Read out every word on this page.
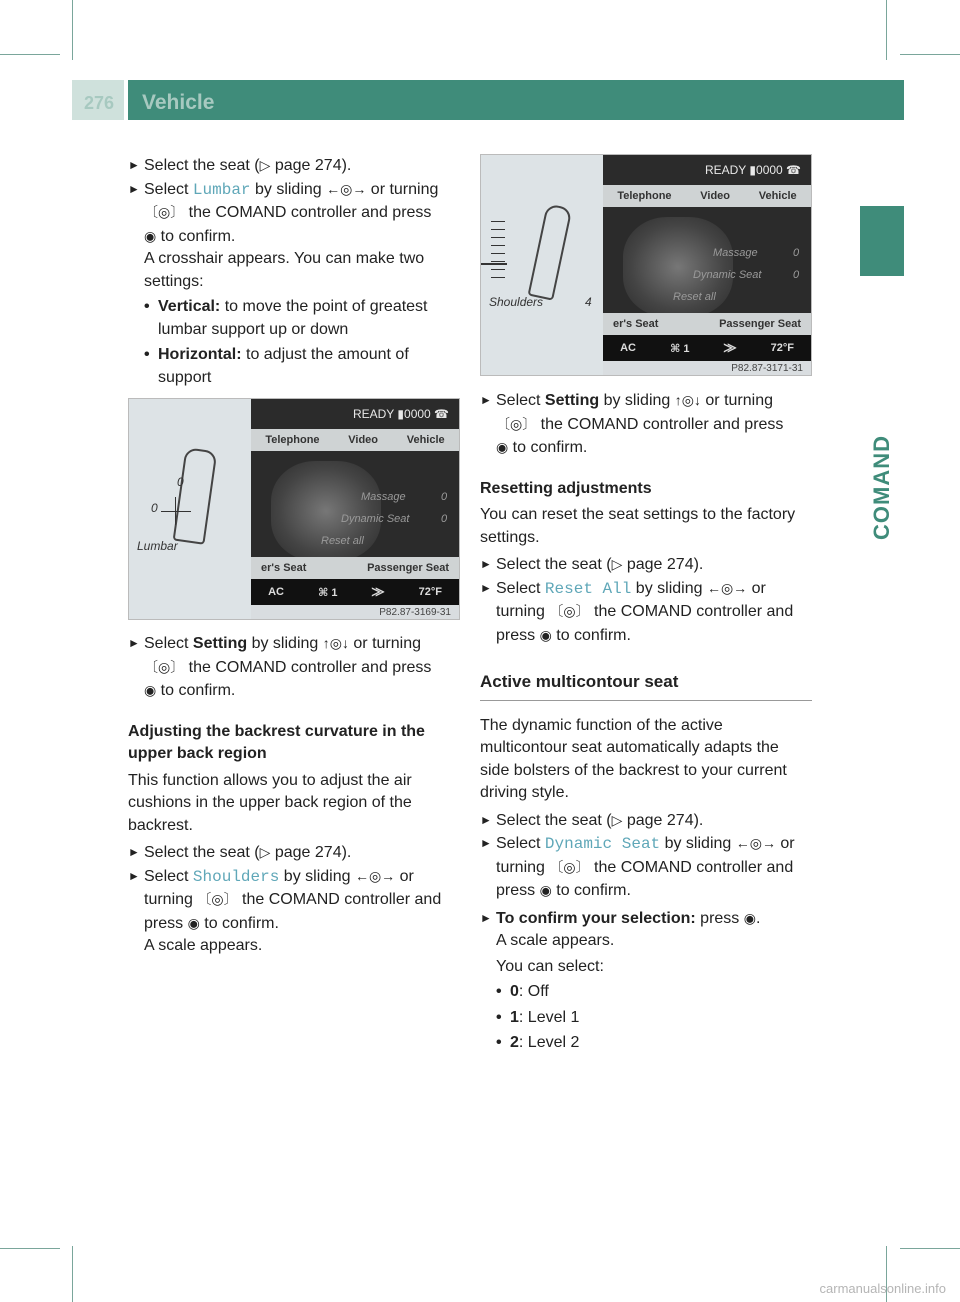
276 Vehicle
COMAND

► Select the seat (▷ page 274).

► Select Lumbar by sliding ←◎→ or turning

〔◎〕 the COMAND controller and press

◉ to confirm.

A crosshair appears. You can make two

settings:

• Vertical: to move the point of greatest

lumbar support up or down

• Horizontal: to adjust the amount of

support

0
0
Lumbar
READY ▮0000 ☎
Telephone	Video	Vehicle
Massage	0
Dynamic Seat	0
Reset all
er's Seat	Passenger Seat
AC	⌘ 1	⨠	72°F
P82.87-3169-31

► Select Setting by sliding ↑◎↓ or turning

〔◎〕 the COMAND controller and press

◉ to confirm.

Adjusting the backrest curvature in the

upper back region

This function allows you to adjust the air

cushions in the upper back region of the

backrest.

► Select the seat (▷ page 274).

► Select Shoulders by sliding ←◎→ or

turning 〔◎〕 the COMAND controller and

press ◉ to confirm.

A scale appears.

Shoulders	4
READY ▮0000 ☎
Telephone	Video	Vehicle
Massage	0
Dynamic Seat	0
Reset all
er's Seat	Passenger Seat
AC	⌘ 1	⨠	72°F
P82.87-3171-31

► Select Setting by sliding ↑◎↓ or turning

〔◎〕 the COMAND controller and press

◉ to confirm.

Resetting adjustments

You can reset the seat settings to the factory

settings.

► Select the seat (▷ page 274).

► Select Reset All by sliding ←◎→ or

turning 〔◎〕 the COMAND controller and

press ◉ to confirm.

Active multicontour seat

The dynamic function of the active

multicontour seat automatically adapts the

side bolsters of the backrest to your current

driving style.

► Select the seat (▷ page 274).

► Select Dynamic Seat by sliding ←◎→ or

turning 〔◎〕 the COMAND controller and

press ◉ to confirm.

► To confirm your selection: press ◉.

A scale appears.

You can select:

• 0: Off

• 1: Level 1

• 2: Level 2

carmanualsonline.info
